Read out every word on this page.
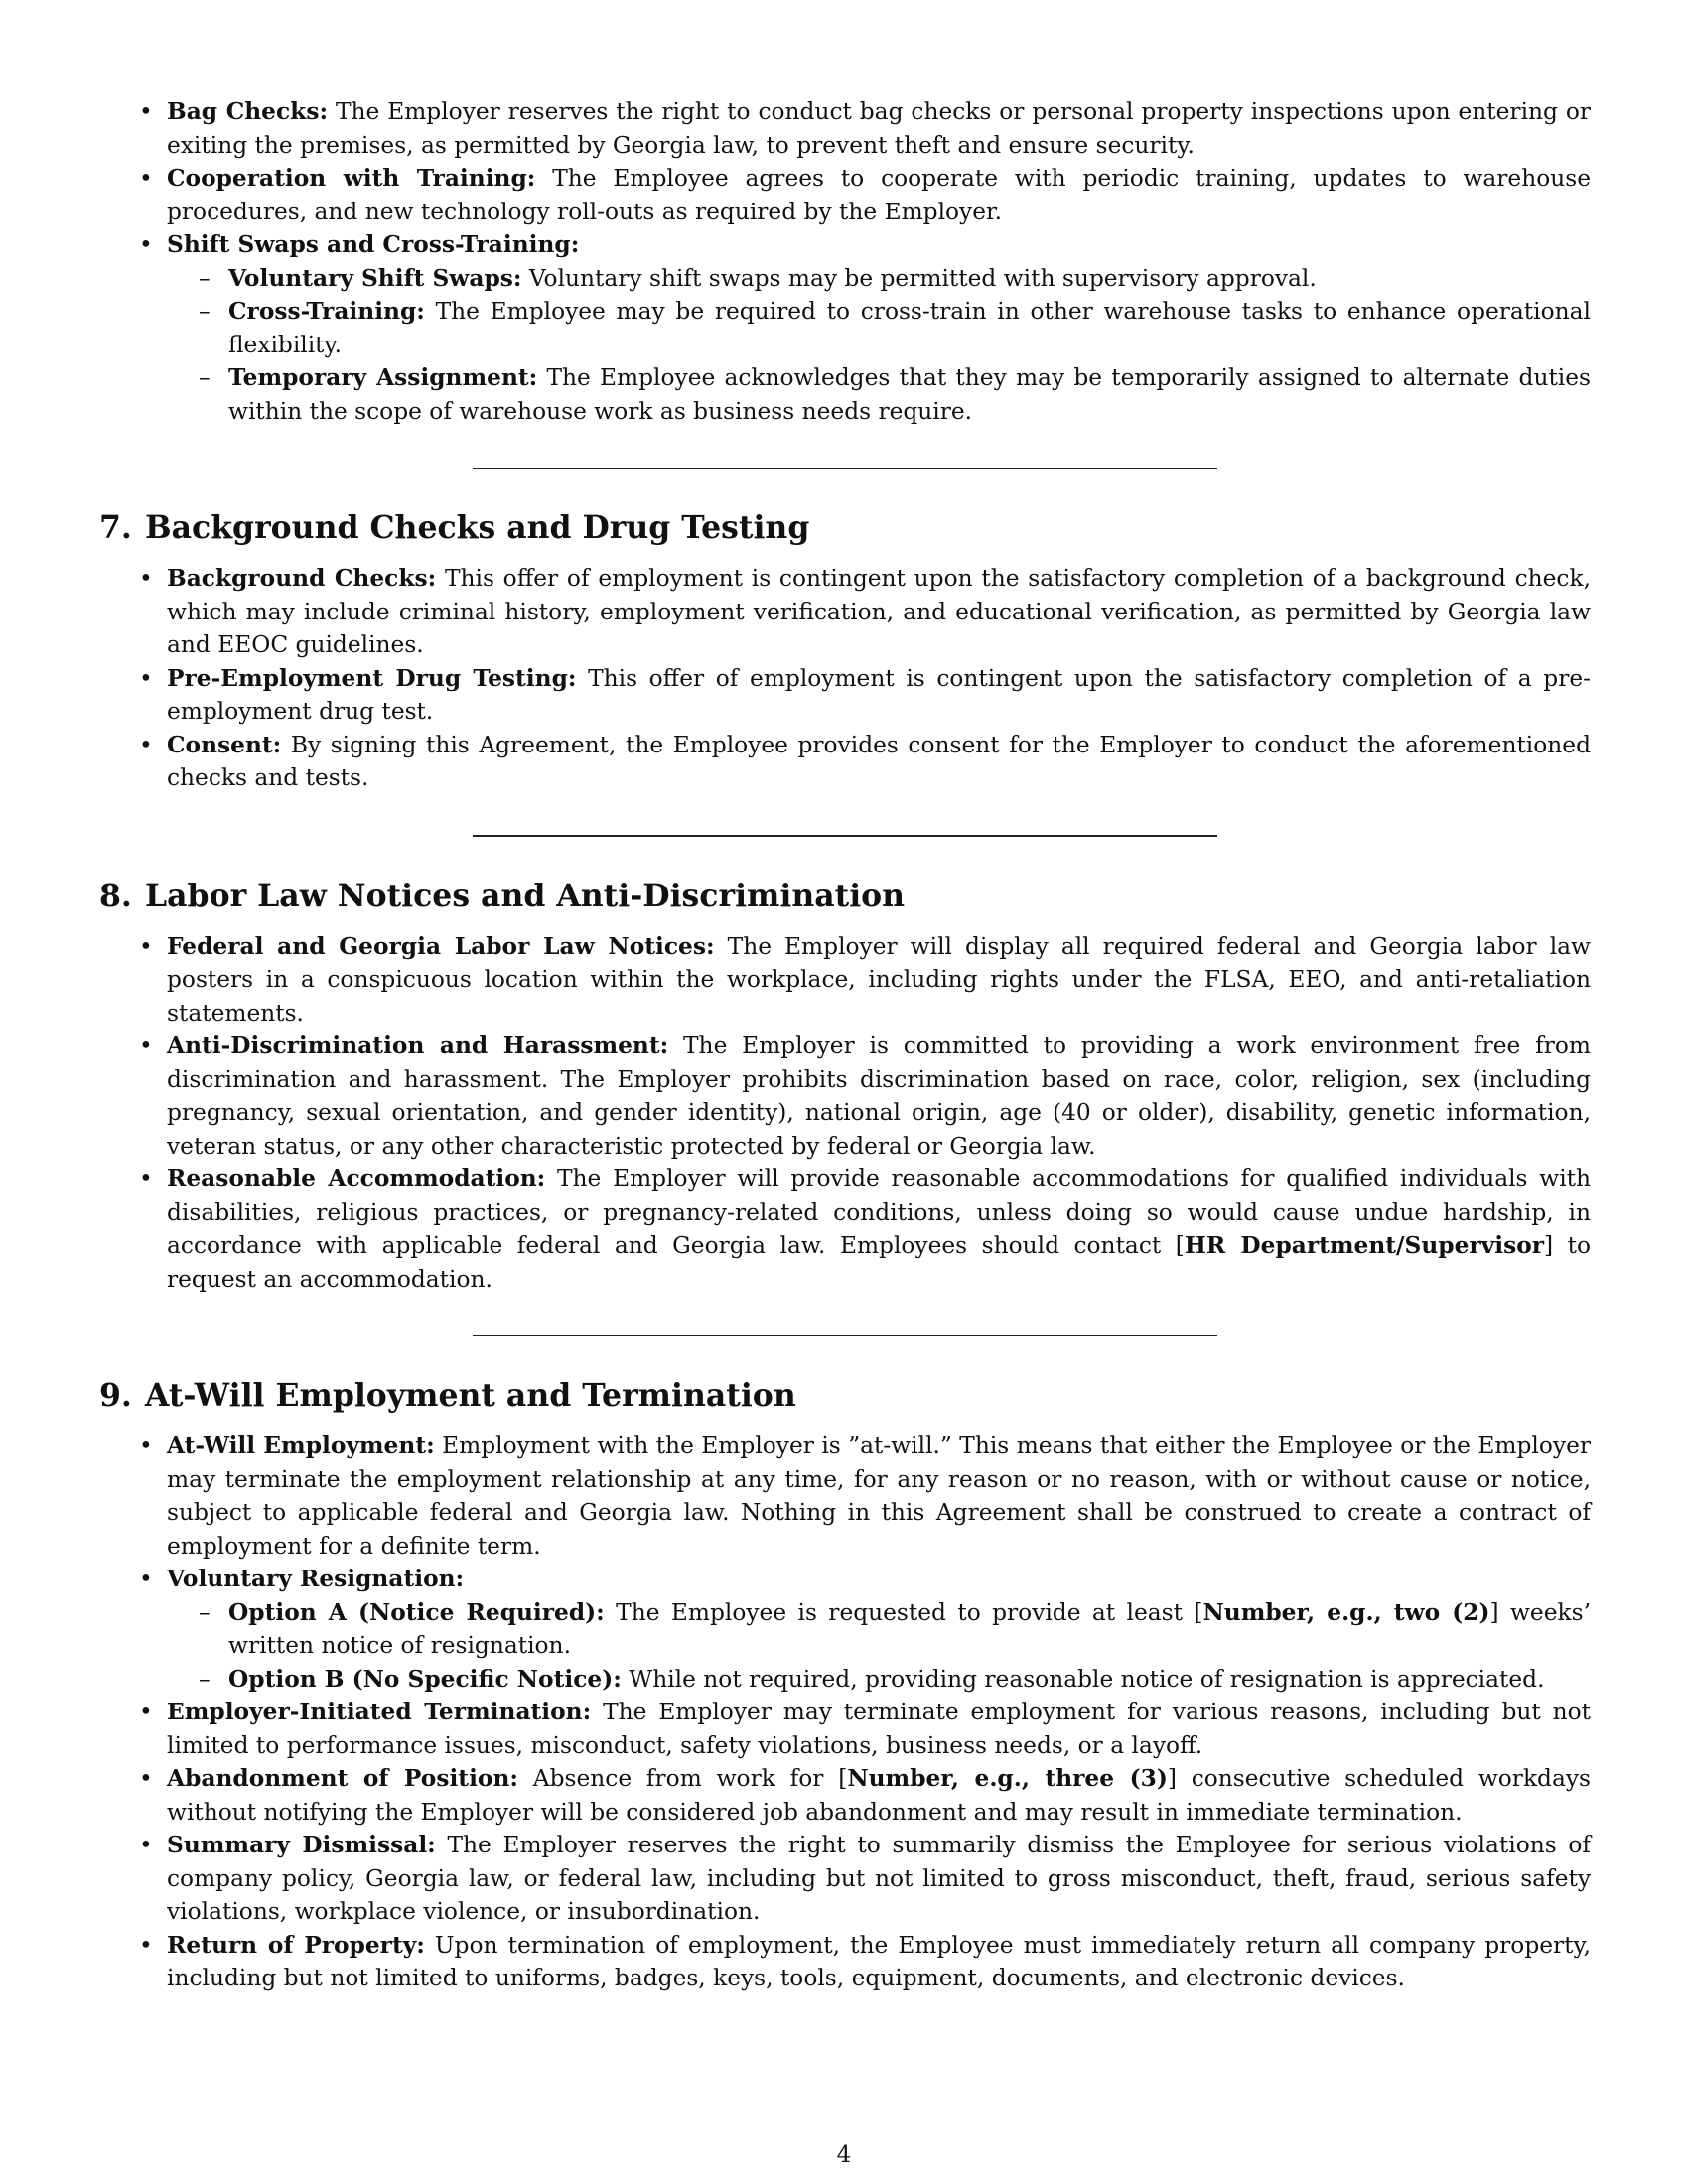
• Bag Checks: The Employer reserves the right to conduct bag checks or personal property inspections upon entering or exiting the premises, as permitted by Georgia law, to prevent theft and ensure security.
• Cooperation with Training: The Employee agrees to cooperate with periodic training, updates to warehouse procedures, and new technology roll-outs as required by the Employer.
• Shift Swaps and Cross-Training:
– Voluntary Shift Swaps: Voluntary shift swaps may be permitted with supervisory approval.
– Cross-Training: The Employee may be required to cross-train in other warehouse tasks to enhance operational flexibility.
– Temporary Assignment: The Employee acknowledges that they may be temporarily assigned to alternate duties within the scope of warehouse work as business needs require.
7. Background Checks and Drug Testing
• Background Checks: This offer of employment is contingent upon the satisfactory completion of a background check, which may include criminal history, employment verification, and educational verification, as permitted by Georgia law and EEOC guidelines.
• Pre-Employment Drug Testing: This offer of employment is contingent upon the satisfactory completion of a pre-employment drug test.
• Consent: By signing this Agreement, the Employee provides consent for the Employer to conduct the aforementioned checks and tests.
8. Labor Law Notices and Anti-Discrimination
• Federal and Georgia Labor Law Notices: The Employer will display all required federal and Georgia labor law posters in a conspicuous location within the workplace, including rights under the FLSA, EEO, and anti-retaliation statements.
• Anti-Discrimination and Harassment: The Employer is committed to providing a work environment free from discrimination and harassment. The Employer prohibits discrimination based on race, color, religion, sex (including pregnancy, sexual orientation, and gender identity), national origin, age (40 or older), disability, genetic information, veteran status, or any other characteristic protected by federal or Georgia law.
• Reasonable Accommodation: The Employer will provide reasonable accommodations for qualified individuals with disabilities, religious practices, or pregnancy-related conditions, unless doing so would cause undue hardship, in accordance with applicable federal and Georgia law. Employees should contact [HR Department/Supervisor] to request an accommodation.
9. At-Will Employment and Termination
• At-Will Employment: Employment with the Employer is ”at-will.” This means that either the Employee or the Employer may terminate the employment relationship at any time, for any reason or no reason, with or without cause or notice, subject to applicable federal and Georgia law. Nothing in this Agreement shall be construed to create a contract of employment for a definite term.
• Voluntary Resignation:
– Option A (Notice Required): The Employee is requested to provide at least [Number, e.g., two (2)] weeks’ written notice of resignation.
– Option B (No Specific Notice): While not required, providing reasonable notice of resignation is appreciated.
• Employer-Initiated Termination: The Employer may terminate employment for various reasons, including but not limited to performance issues, misconduct, safety violations, business needs, or a layoff.
• Abandonment of Position: Absence from work for [Number, e.g., three (3)] consecutive scheduled workdays without notifying the Employer will be considered job abandonment and may result in immediate termination.
• Summary Dismissal: The Employer reserves the right to summarily dismiss the Employee for serious violations of company policy, Georgia law, or federal law, including but not limited to gross misconduct, theft, fraud, serious safety violations, workplace violence, or insubordination.
• Return of Property: Upon termination of employment, the Employee must immediately return all company property, including but not limited to uniforms, badges, keys, tools, equipment, documents, and electronic devices.
4
